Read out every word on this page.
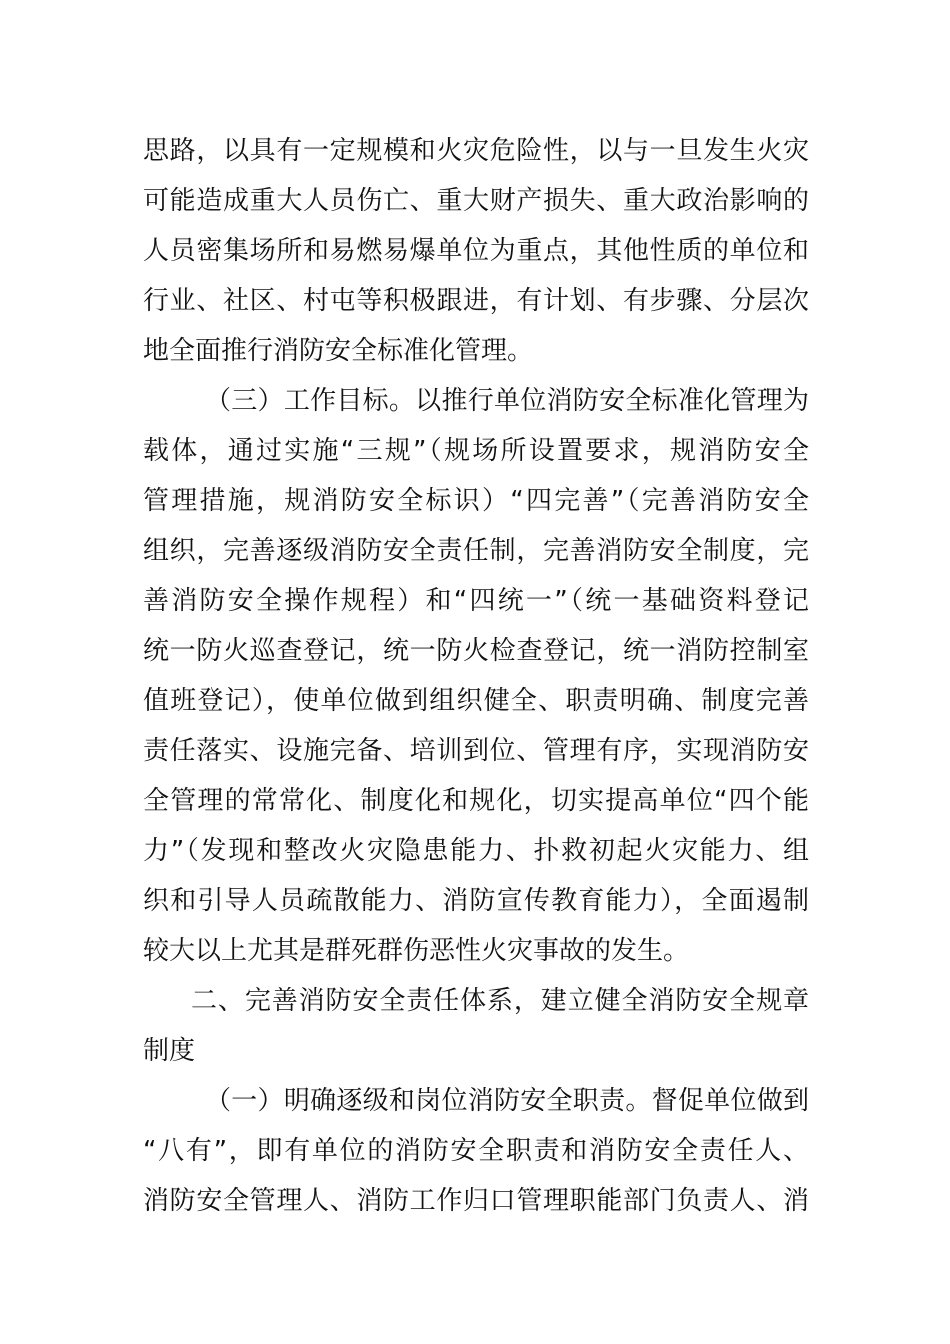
思路，以具有一定规模和火灾危险性，以与一旦发生火灾
可能造成重大人员伤亡、重大财产损失、重大政治影响的
人员密集场所和易燃易爆单位为重点，其他性质的单位和
行业、社区、村屯等积极跟进，有计划、有步骤、分层次
地全面推行消防安全标准化管理。
（三）工作目标。以推行单位消防安全标准化管理为
载体，通过实施“三规”（规场所设置要求，规消防安全
管理措施，规消防安全标识）“四完善”（完善消防安全
组织，完善逐级消防安全责任制，完善消防安全制度，完
善消防安全操作规程）和“四统一”（统一基础资料登记
统一防火巡查登记，统一防火检查登记，统一消防控制室
值班登记），使单位做到组织健全、职责明确、制度完善
责任落实、设施完备、培训到位、管理有序，实现消防安
全管理的常常化、制度化和规化，切实提高单位“四个能
力”（发现和整改火灾隐患能力、扑救初起火灾能力、组
织和引导人员疏散能力、消防宣传教育能力），全面遏制
较大以上尤其是群死群伤恶性火灾事故的发生。
二、完善消防安全责任体系，建立健全消防安全规章
制度
（一）明确逐级和岗位消防安全职责。督促单位做到
“八有”，即有单位的消防安全职责和消防安全责任人、
消防安全管理人、消防工作归口管理职能部门负责人、消
